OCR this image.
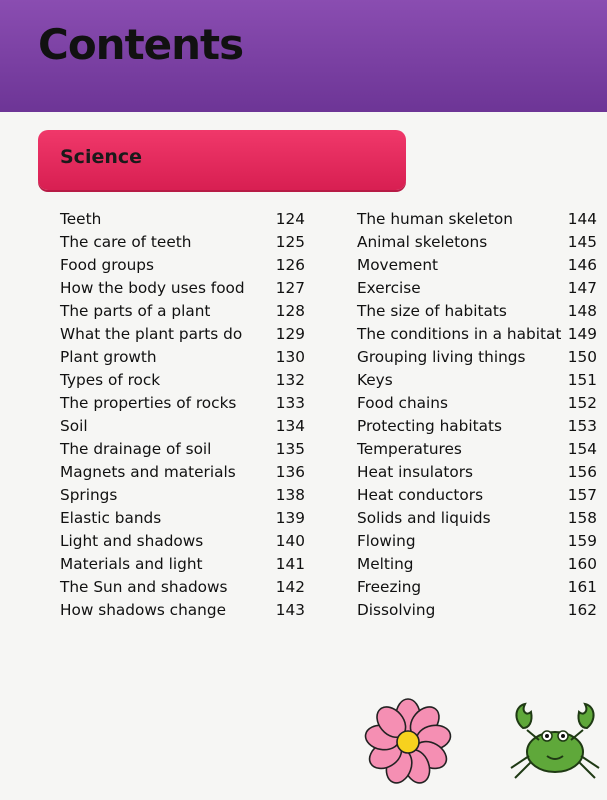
Contents
Science
Teeth	124
The care of teeth	125
Food groups	126
How the body uses food 127
The parts of a plant	128
What the plant parts do 129
Plant growth	130
Types of rock	132
The properties of rocks	133
Soil	134
The drainage of soil	135
Magnets and materials	136
Springs	138
Elastic bands	139
Light and shadows	140
Materials and light	141
The Sun and shadows	142
How shadows change	143
The human skeleton	144
Animal skeletons	145
Movement	146
Exercise	147
The size of habitats	148
The conditions in a habitat 149
Grouping living things	150
Keys	151
Food chains	152
Protecting habitats	153
Temperatures	154
Heat insulators	156
Heat conductors	157
Solids and liquids	158
Flowing	159
Melting	160
Freezing	161
Dissolving	162
